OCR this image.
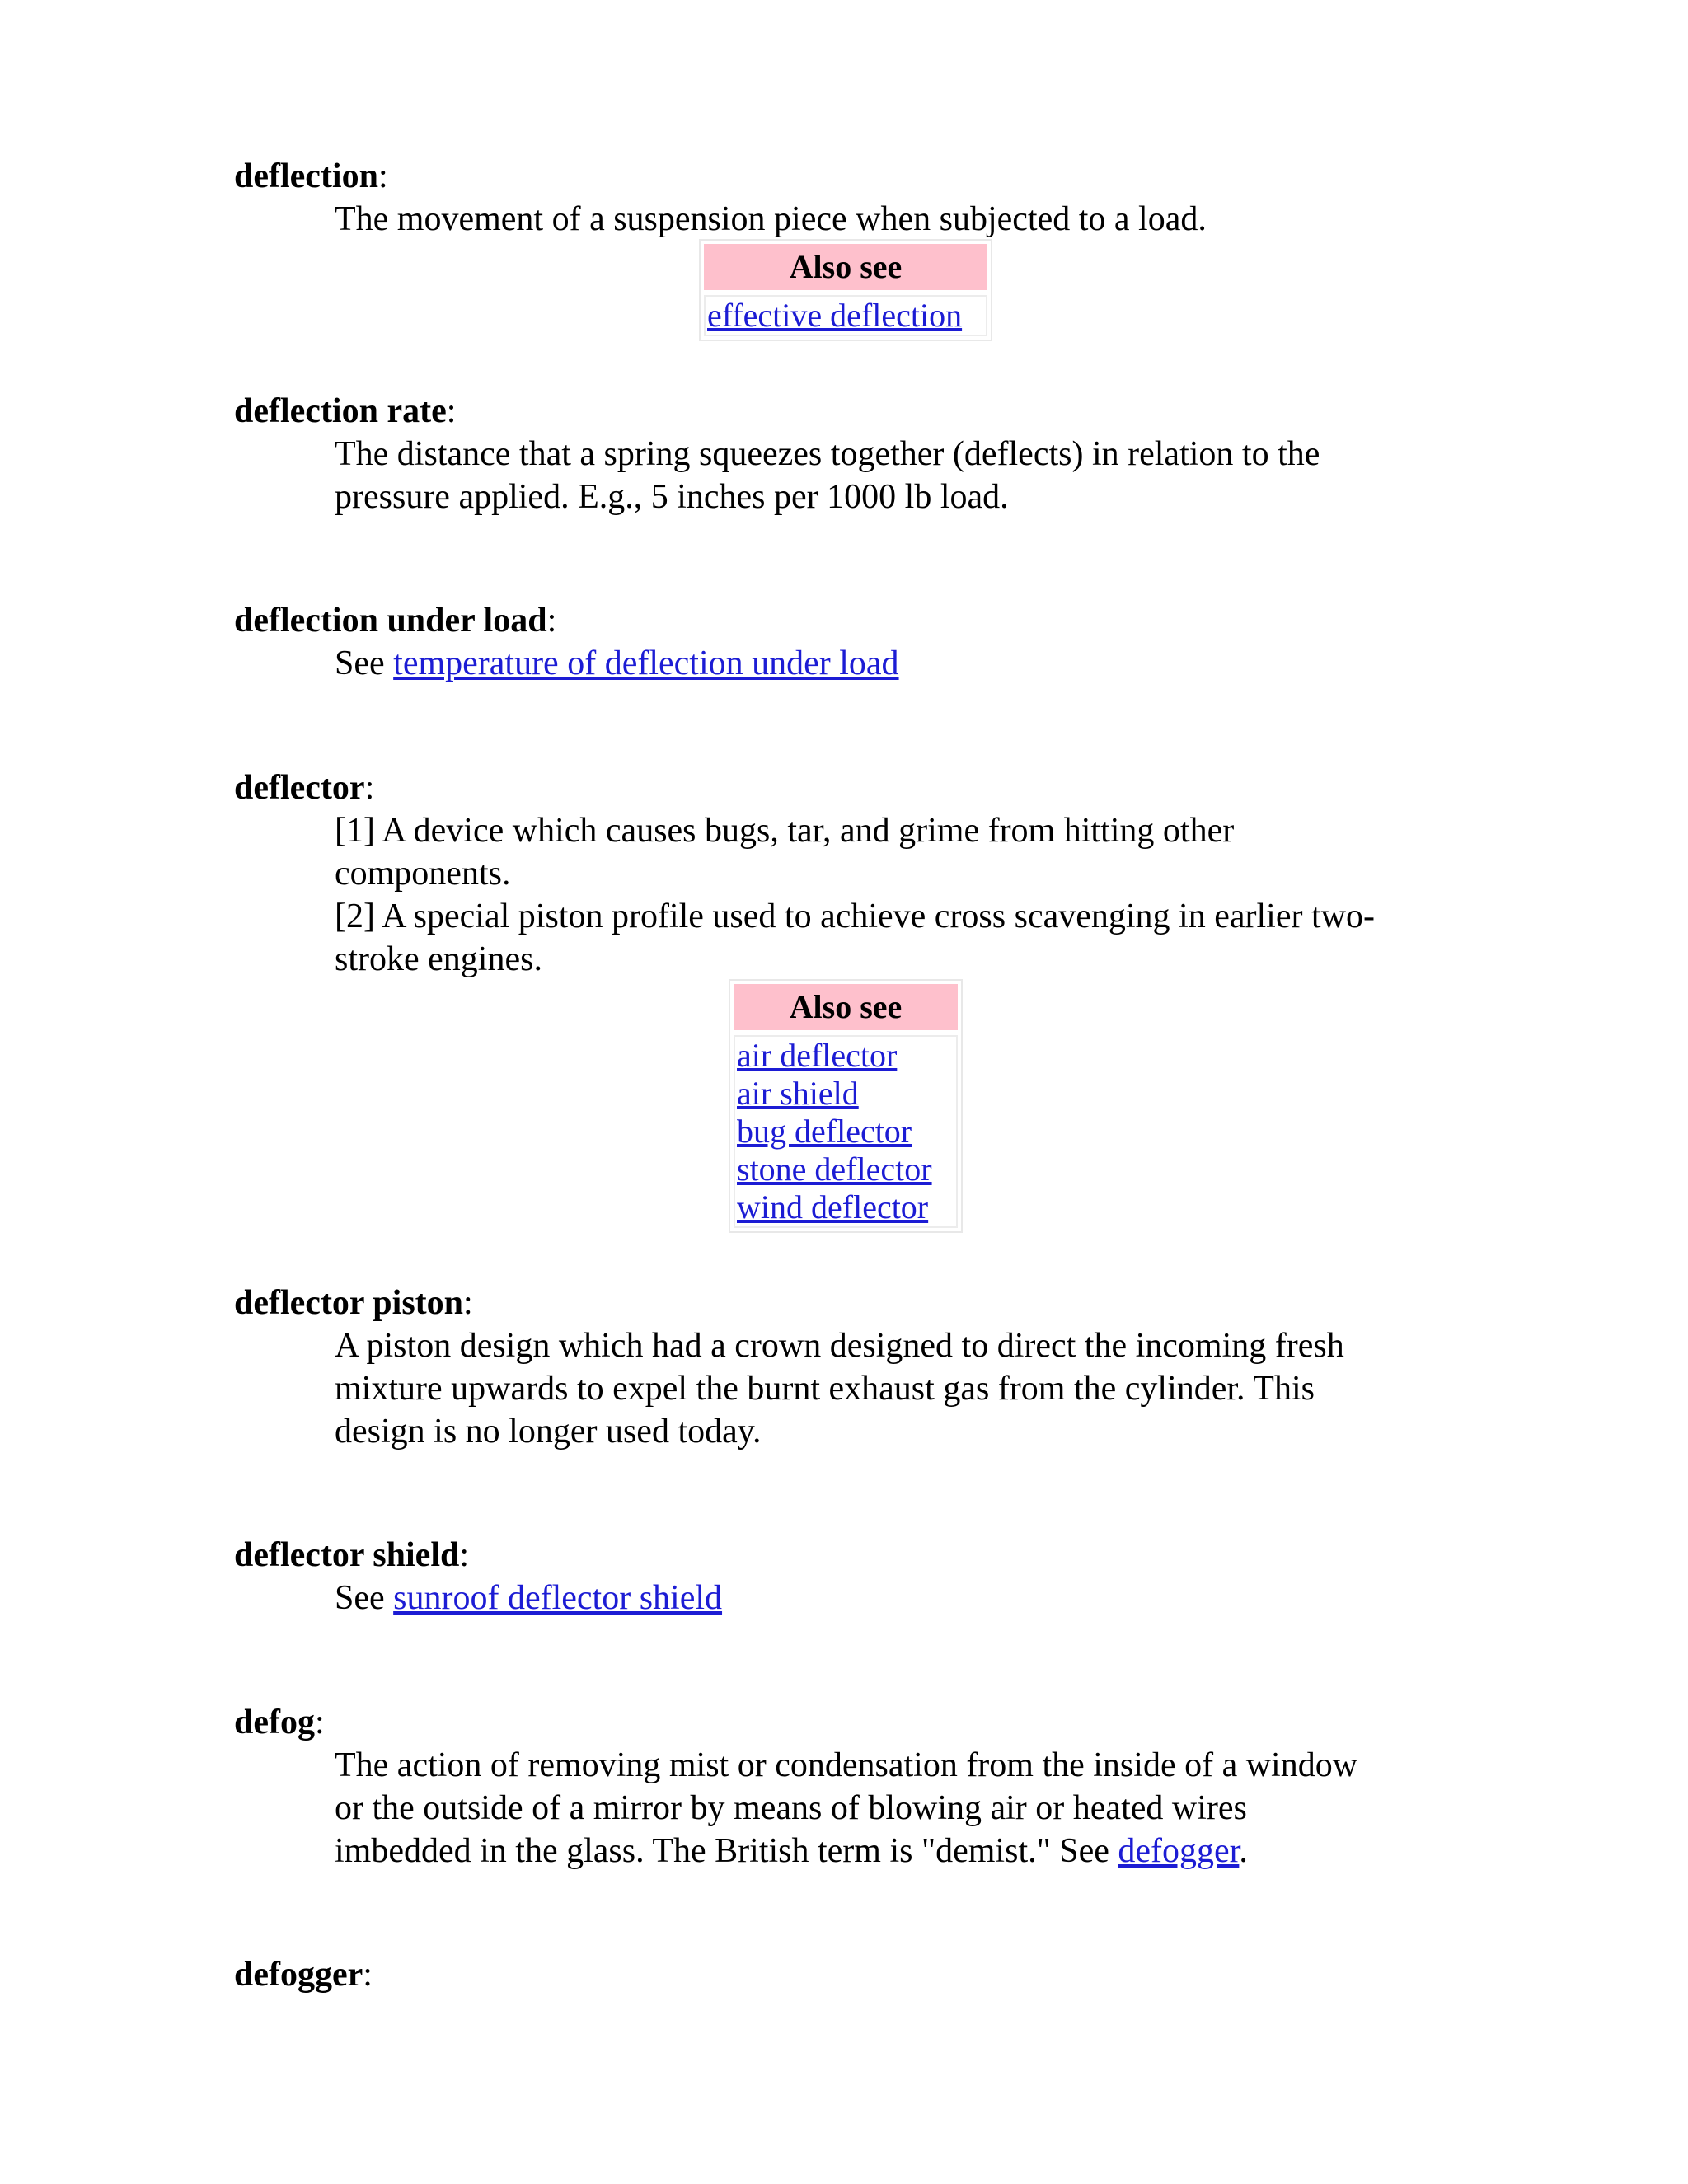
deflection:

The movement of a suspension piece when subjected to a load.

Also see
effective deflection
deflection rate:

The distance that a spring squeezes together (deflects) in relation to the

pressure applied. E.g., 5 inches per 1000 lb load.

deflection under load:

See temperature of deflection under load

deflector:

[1] A device which causes bugs, tar, and grime from hitting other

components.

[2] A special piston profile used to achieve cross scavenging in earlier two-

stroke engines.

Also see
air deflector
air shield
bug deflector
stone deflector
wind deflector
deflector piston:

A piston design which had a crown designed to direct the incoming fresh

mixture upwards to expel the burnt exhaust gas from the cylinder. This

design is no longer used today.

deflector shield:

See sunroof deflector shield

defog:

The action of removing mist or condensation from the inside of a window

or the outside of a mirror by means of blowing air or heated wires

imbedded in the glass. The British term is "demist." See defogger.

defogger:
